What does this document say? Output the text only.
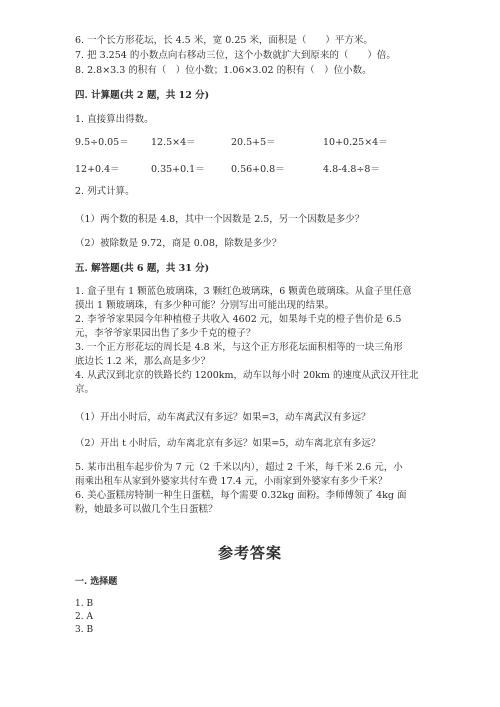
6. 一个长方形花坛，长 4.5 米，宽 0.25 米，面积是（　　）平方米。
7. 把 3.254 的小数点向右移动三位，这个小数就扩大到原来的（　　）倍。
8. 2.8×3.3 的积有（　）位小数；1.06×3.02 的积有（　）位小数。
四. 计算题(共 2 题，共 12 分)
1. 直接算出得数。
9.5÷0.05＝ 12.5×4＝	20.5+5＝	10+0.25×4＝
12+0.4＝	0.35+0.1＝	0.56+0.8＝	4.8-4.8÷8＝
2. 列式计算。
（1）两个数的积是 4.8，其中一个因数是 2.5，另一个因数是多少？
（2）被除数是 9.72，商是 0.08，除数是多少？
五. 解答题(共 6 题，共 31 分)
1. 盒子里有 1 颗蓝色玻璃珠，3 颗红色玻璃珠，6 颗黄色玻璃珠。从盒子里任意
摸出 1 颗玻璃珠，有多少种可能？分别写出可能出现的结果。
2. 李爷爷家果园今年种植橙子共收入 4602 元，如果每千克的橙子售价是 6.5
元，李爷爷家果园出售了多少千克的橙子？
3. 一个正方形花坛的周长是 4.8 米，与这个正方形花坛面积相等的一块三角形
底边长 1.2 米，那么高是多少？
4. 从武汉到北京的铁路长约 1200km，动车以每小时 20km 的速度从武汉开往北
京。
（1）开出小时后，动车离武汉有多远？如果=3，动车离武汉有多远？
（2）开出 t 小时后，动车离北京有多远？如果=5，动车离北京有多远？
5. 某市出租车起步价为 7 元（2 千米以内），超过 2 千米，每千米 2.6 元，小
雨乘出租车从家到外婆家共付车费 17.4 元，小雨家到外婆家有多少千米？
6. 美心蛋糕房特制一种生日蛋糕，每个需要 0.32kg 面粉。李师傅领了 4kg 面
粉，她最多可以做几个生日蛋糕？
参考答案
一. 选择题
1. B
2. A
3. B
